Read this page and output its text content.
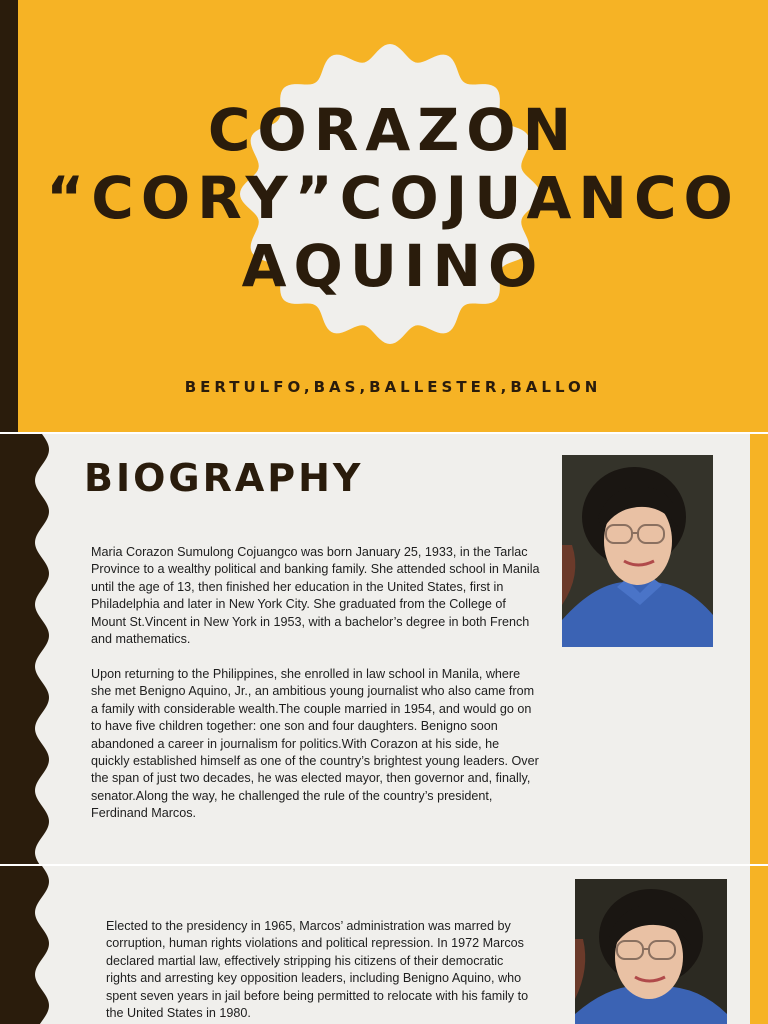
CORAZON
“CORY”COJUANCO
AQUINO

BERTULFO,BAS,BALLESTER,BALLON

BIOGRAPHY

Maria Corazon Sumulong Cojuangco was born January 25, 1933, in the Tarlac Province to a wealthy political and banking family. She attended school in Manila until the age of 13, then finished her education in the United States, first in Philadelphia and later in New York City. She graduated from the College of Mount St.Vincent in New York in 1953, with a bachelor’s degree in both French and mathematics.

Upon returning to the Philippines, she enrolled in law school in Manila, where she met Benigno Aquino, Jr., an ambitious young journalist who also came from a family with considerable wealth.The couple married in 1954, and would go on to have five children together: one son and four daughters. Benigno soon abandoned a career in journalism for politics.With Corazon at his side, he quickly established himself as one of the country’s brightest young leaders. Over the span of just two decades, he was elected mayor, then governor and, finally, senator.Along the way, he challenged the rule of the country’s president, Ferdinand Marcos.

Elected to the presidency in 1965, Marcos’ administration was marred by corruption, human rights violations and political repression. In 1972 Marcos declared martial law, effectively stripping his citizens of their democratic rights and arresting key opposition leaders, including Benigno Aquino, who spent seven years in jail before being permitted to relocate with his family to the United States in 1980.
